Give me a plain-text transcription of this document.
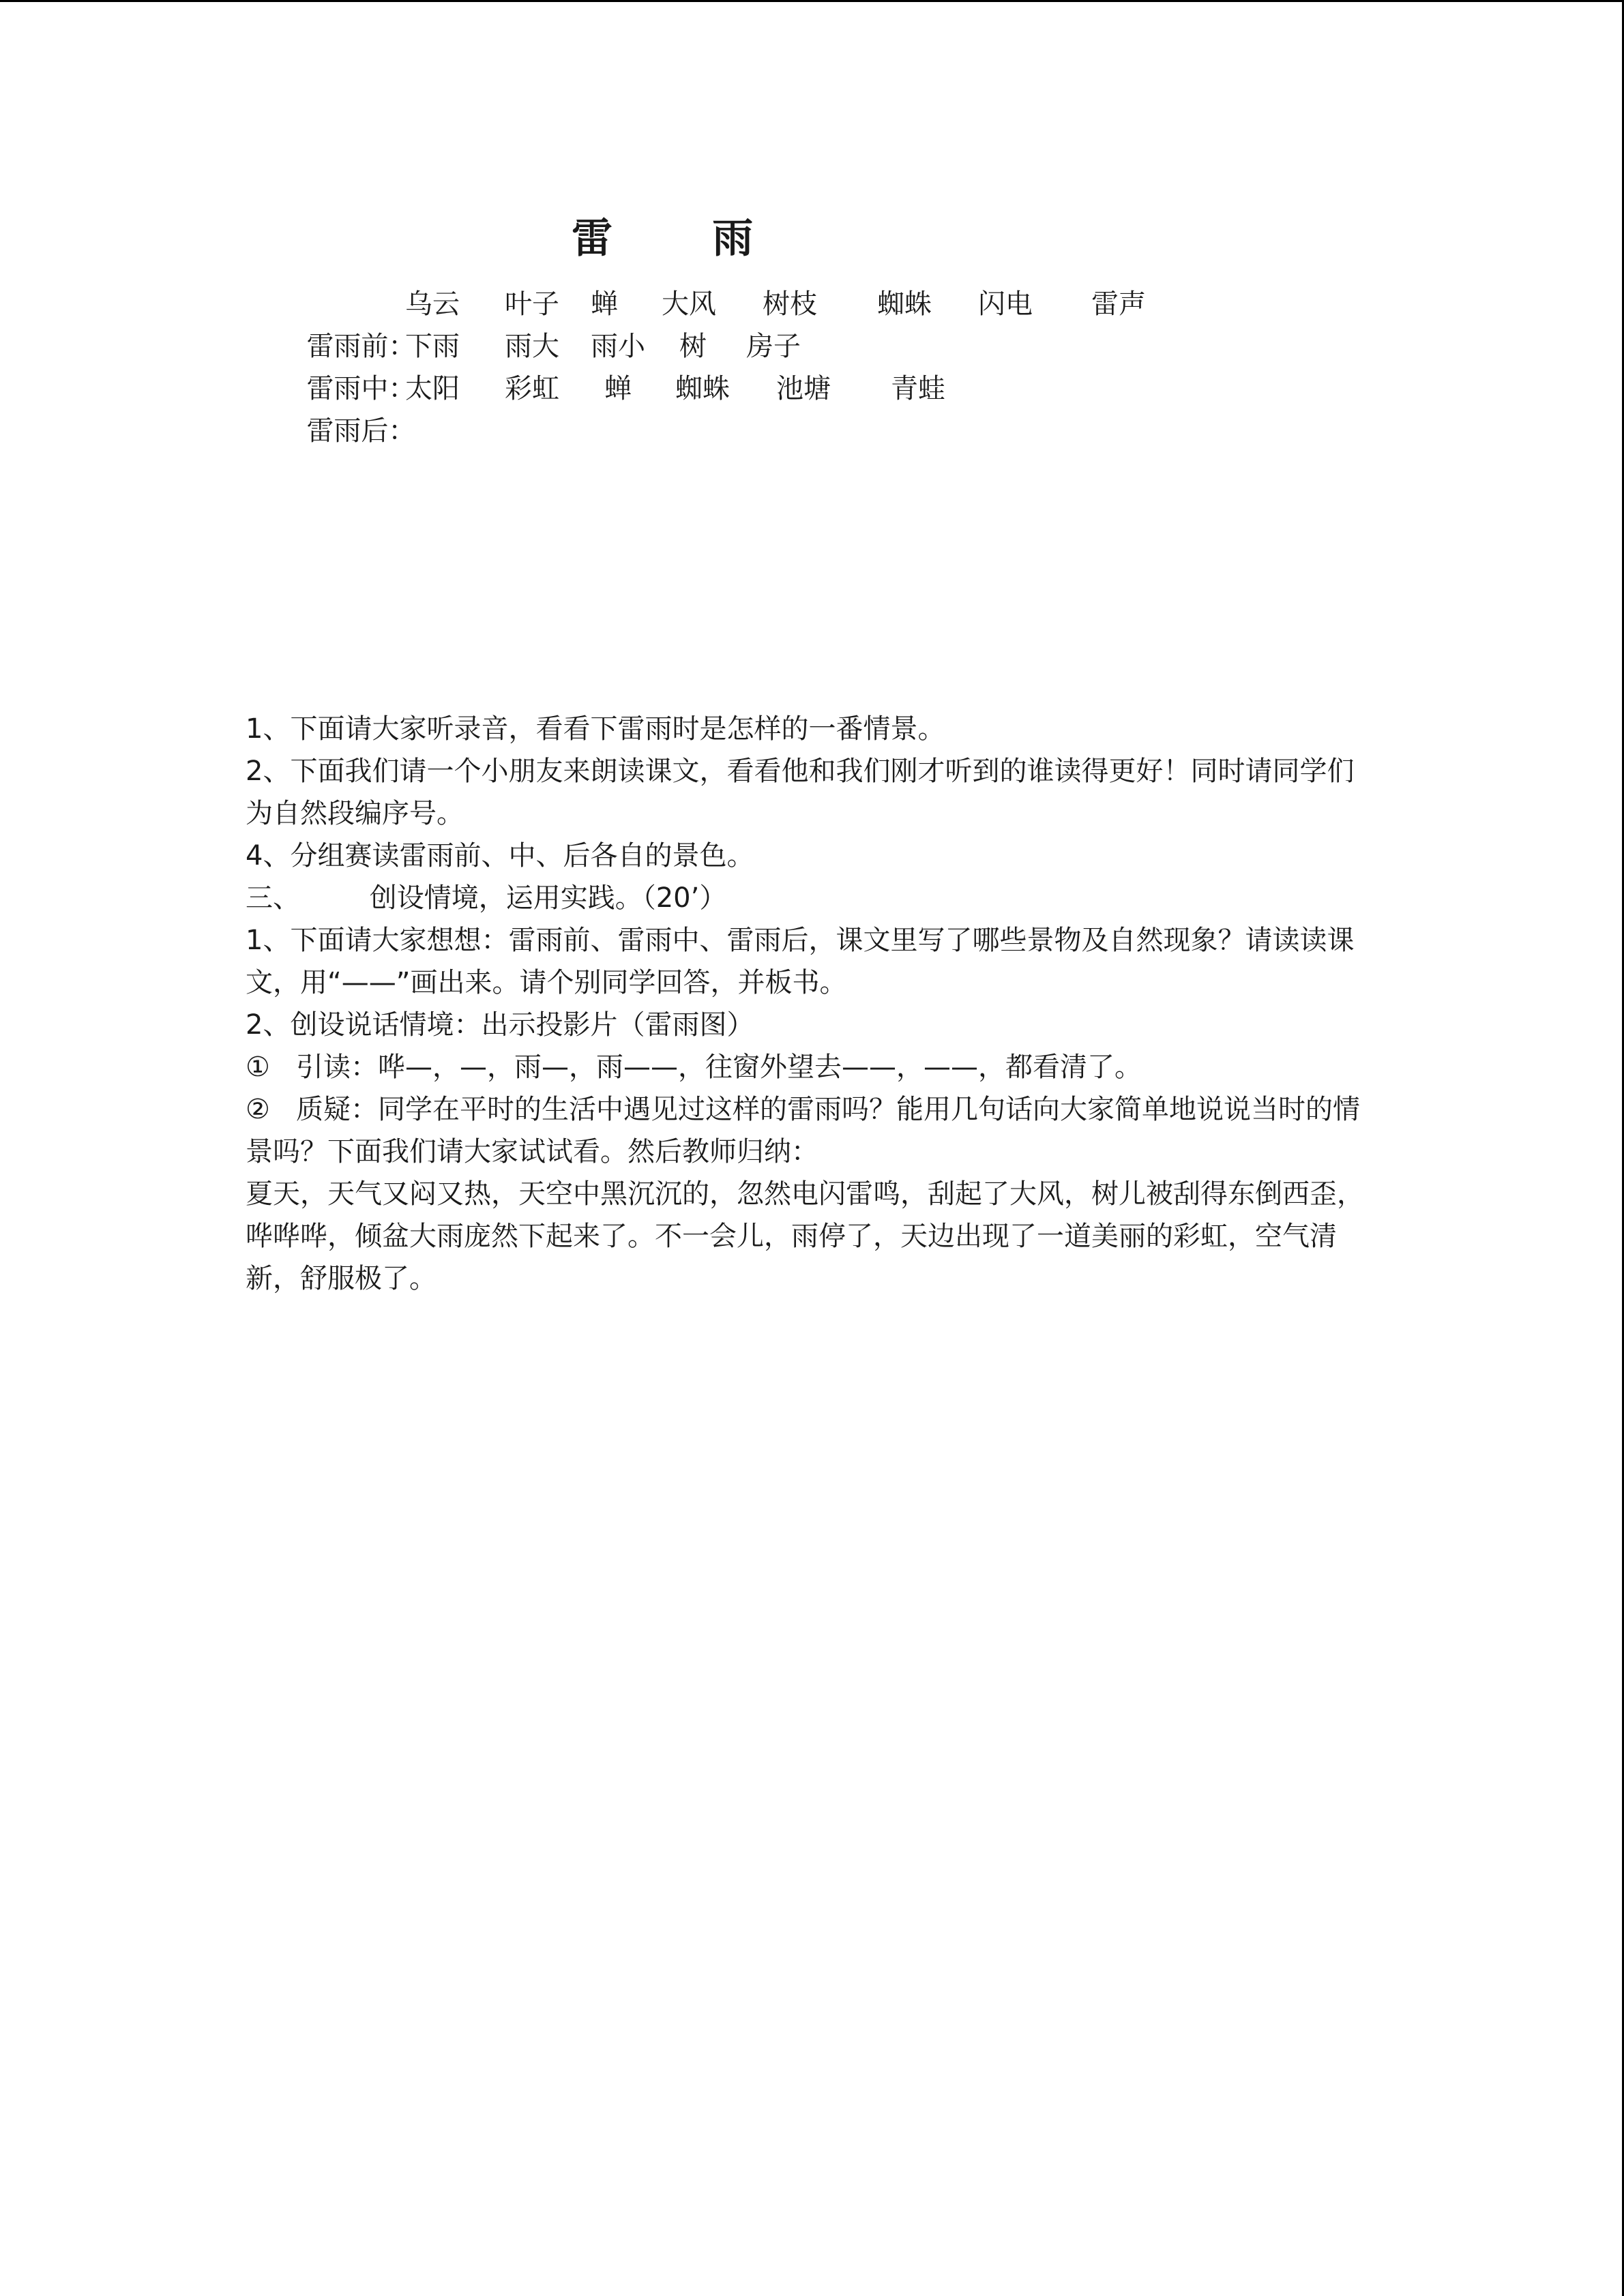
雷       雨

雷雨前：

乌云

叶子

蝉

大风

树枝

蜘蛛

闪电

雷声

雷雨中：

下雨

雨大

雨小

树

房子

雷雨后：

太阳

彩虹

蝉

蜘蛛

池塘

青蛙

1、下面请大家听录音，看看下雷雨时是怎样的一番情景。

2、下面我们请一个小朋友来朗读课文，看看他和我们刚才听到的谁读得更好！同时请同学们为自然段编序号。

4、分组赛读雷雨前、中、后各自的景色。

三、        创设情境，运用实践。（20’）

1、下面请大家想想：雷雨前、雷雨中、雷雨后，课文里写了哪些景物及自然现象？请读读课文，用“——”画出来。请个别同学回答，并板书。

2、创设说话情境：出示投影片（雷雨图）

①   引读：哗—，—，雨—，雨——，往窗外望去——，——，都看清了。

②   质疑：同学在平时的生活中遇见过这样的雷雨吗？能用几句话向大家简单地说说当时的情景吗？下面我们请大家试试看。然后教师归纳：

夏天，天气又闷又热，天空中黑沉沉的，忽然电闪雷鸣，刮起了大风，树儿被刮得东倒西歪，哗哗哗，倾盆大雨庞然下起来了。不一会儿，雨停了，天边出现了一道美丽的彩虹，空气清新，舒服极了。
